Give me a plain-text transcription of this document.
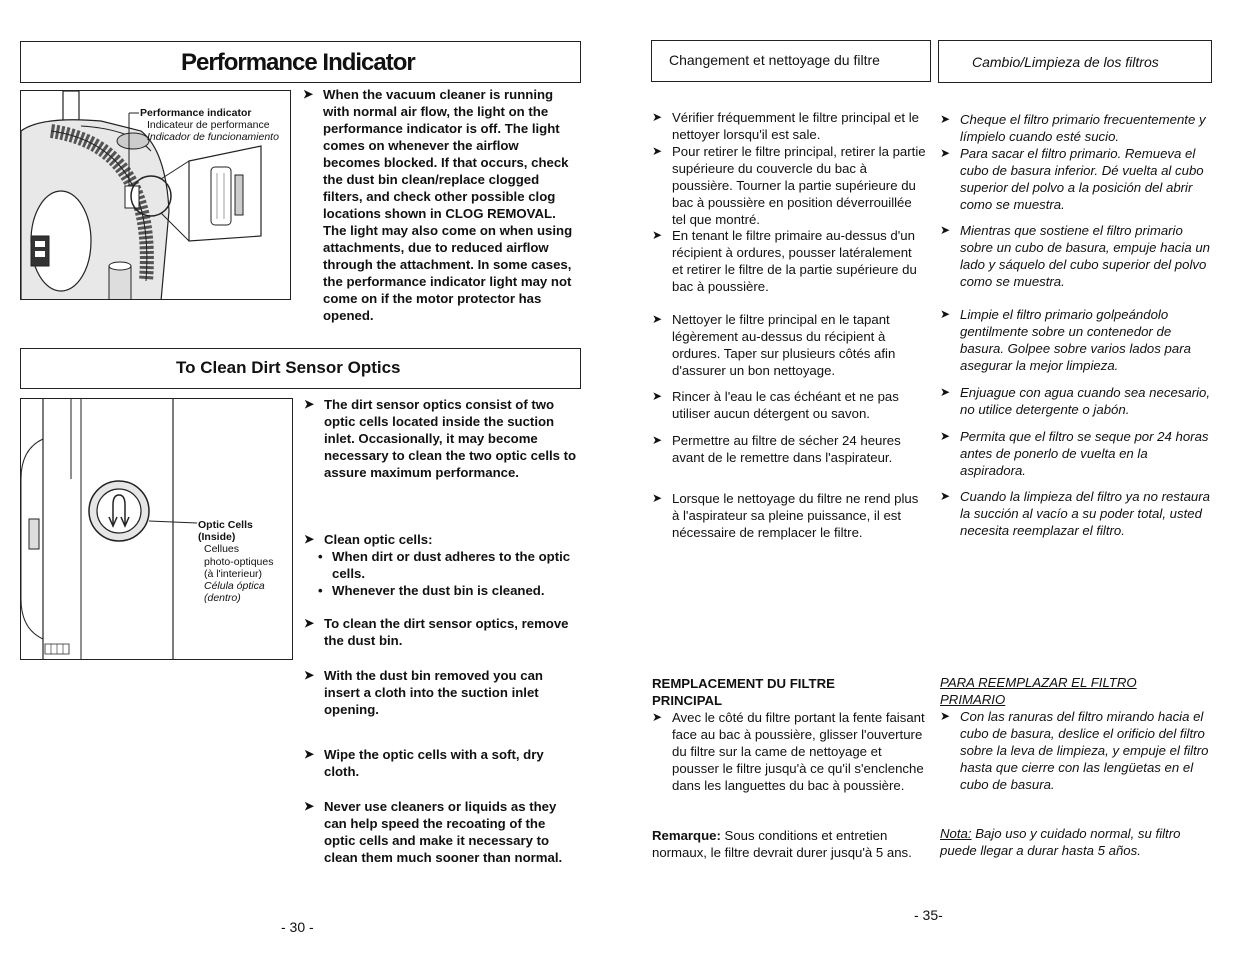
Performance Indicator
Performance indicator
Indicateur de performance
Indicador de funcionamiento
➤ When the vacuum cleaner is running with normal air flow, the light on the performance indicator is off. The light comes on whenever the airflow becomes blocked. If that occurs, check the dust bin clean/replace clogged filters, and check other possible clog locations shown in CLOG REMOVAL. The light may also come on when using attachments, due to reduced airflow through the attachment. In some cases, the performance indicator light may not come on if the motor protector has opened.
To Clean Dirt Sensor Optics
Optic Cells
(Inside)
Cellues
photo-optiques
(à l'interieur)
Célula óptica
(dentro)
➤ The dirt sensor optics consist of two optic cells located inside the suction inlet. Occasionally, it may become necessary to clean the two optic cells to assure maximum performance.
➤ Clean optic cells:
• When dirt or dust adheres to the optic cells.
• Whenever the dust bin is cleaned.
➤ To clean the dirt sensor optics, remove the dust bin.
➤ With the dust bin removed you can insert a cloth into the suction inlet opening.
➤ Wipe the optic cells with a soft, dry cloth.
➤ Never use cleaners or liquids as they can help speed the recoating of the optic cells and make it necessary to clean them much sooner than normal.
- 30 -
Changement et nettoyage du filtre	Cambio/Limpieza de los filtros
➤ Vérifier fréquemment le filtre principal et le nettoyer lorsqu'il est sale.
➤ Pour retirer le filtre principal, retirer la partie supérieure du couvercle du bac à poussière. Tourner la partie supérieure du bac à poussière en position déverrouillée tel que montré.
➤ En tenant le filtre primaire au-dessus d'un récipient à ordures, pousser latéralement et retirer le filtre de la partie supérieure du bac à poussière.
➤ Nettoyer le filtre principal en le tapant légèrement au-dessus du récipient à ordures. Taper sur plusieurs côtés afin d'assurer un bon nettoyage.
➤ Rincer à l'eau le cas échéant et ne pas utiliser aucun détergent ou savon.
➤ Permettre au filtre de sécher 24 heures avant de le remettre dans l'aspirateur.
➤ Lorsque le nettoyage du filtre ne rend plus à l'aspirateur sa pleine puissance, il est nécessaire de remplacer le filtre.
➤ Cheque el filtro primario frecuentemente y límpielo cuando esté sucio.
➤ Para sacar el filtro primario. Remueva el cubo de basura inferior. Dé vuelta al cubo superior del polvo a la posición del abrir como se muestra.
➤ Mientras que sostiene el filtro primario sobre un cubo de basura, empuje hacia un lado y sáquelo del cubo superior del polvo como se muestra.
➤ Limpie el filtro primario golpeándolo gentilmente sobre un contenedor de basura. Golpee sobre varios lados para asegurar la mejor limpieza.
➤ Enjuague con agua cuando sea necesario, no utilice detergente o jabón.
➤ Permita que el filtro se seque por 24 horas antes de ponerlo de vuelta en la aspiradora.
➤ Cuando la limpieza del filtro ya no restaura la succión al vacío a su poder total, usted necesita reemplazar el filtro.
REMPLACEMENT DU FILTRE PRINCIPAL
➤ Avec le côté du filtre portant la fente faisant face au bac à poussière, glisser l'ouverture du filtre sur la came de nettoyage et pousser le filtre jusqu'à ce qu'il s'enclenche dans les languettes du bac à poussière.
Remarque: Sous conditions et entretien normaux, le filtre devrait durer jusqu'à 5 ans.
PARA REEMPLAZAR EL FILTRO PRIMARIO
➤ Con las ranuras del filtro mirando hacia el cubo de basura, deslice el orificio del filtro sobre la leva de limpieza, y empuje el filtro hasta que cierre con las lengüetas en el cubo de basura.
Nota: Bajo uso y cuidado normal, su filtro puede llegar a durar hasta 5 años.
- 35-
